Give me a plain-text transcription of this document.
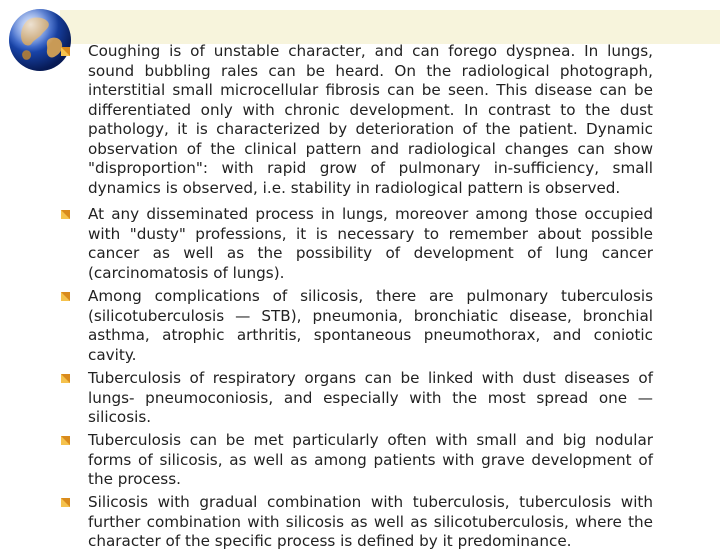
Coughing is of unstable character, and can forego dyspnea. In lungs, sound bubbling rales can be heard. On the radiological photograph, interstitial small microcellular fibrosis can be seen. This disease can be differentiated only with chronic development. In contrast to the dust pathology, it is characterized by deterioration of the patient. Dynamic observation of the clinical pattern and radiological changes can show "disproportion": with rapid grow of pulmonary in-sufficiency, small dynamics is observed, i.e. stability in radiological pattern is observed.
At any disseminated process in lungs, moreover among those occupied with "dusty" professions, it is necessary to remember about possible cancer as well as the possibility of development of lung cancer (carcinomatosis of lungs).
Among complications of silicosis, there are pulmonary tuberculosis (silicotuberculosis — STB), pneumonia, bronchiatic disease, bronchial asthma, atrophic arthritis, spontaneous pneumothorax, and coniotic cavity.
Tuberculosis of respiratory organs can be linked with dust diseases of lungs- pneumoconiosis, and especially with the most spread one — silicosis.
Tuberculosis can be met particularly often with small and big nodular forms of silicosis, as well as among patients with grave development of the process.
Silicosis with gradual combination with tuberculosis, tuberculosis with further combination with silicosis as well as silicotuberculosis, where the character of the specific process is defined by it predominance.
